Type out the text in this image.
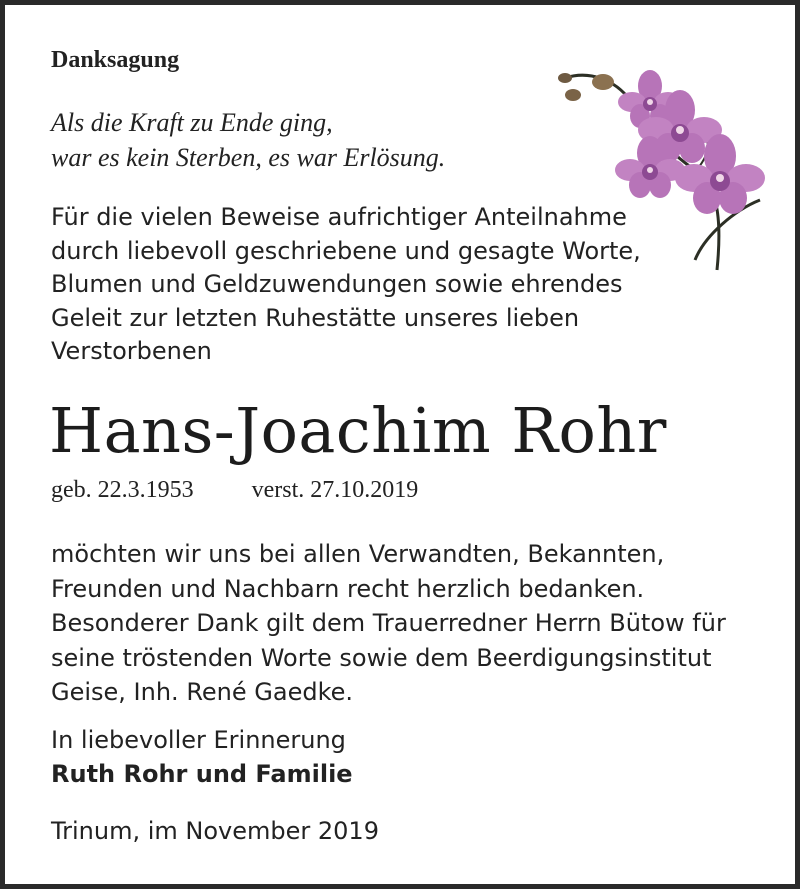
Danksagung
Als die Kraft zu Ende ging,
war es kein Sterben, es war Erlösung.
Für die vielen Beweise aufrichtiger Anteilnahme
durch liebevoll geschriebene und gesagte Worte,
Blumen und Geldzuwendungen sowie ehrendes
Geleit zur letzten Ruhestätte unseres lieben
Verstorbenen
Hans-Joachim Rohr
geb. 22.3.1953 verst. 27.10.2019
möchten wir uns bei allen Verwandten, Bekannten,
Freunden und Nachbarn recht herzlich bedanken.
Besonderer Dank gilt dem Trauerredner Herrn Bütow für
seine tröstenden Worte sowie dem Beerdigungsinstitut
Geise, Inh. René Gaedke.
In liebevoller Erinnerung
Ruth Rohr und Familie
Trinum, im November 2019
